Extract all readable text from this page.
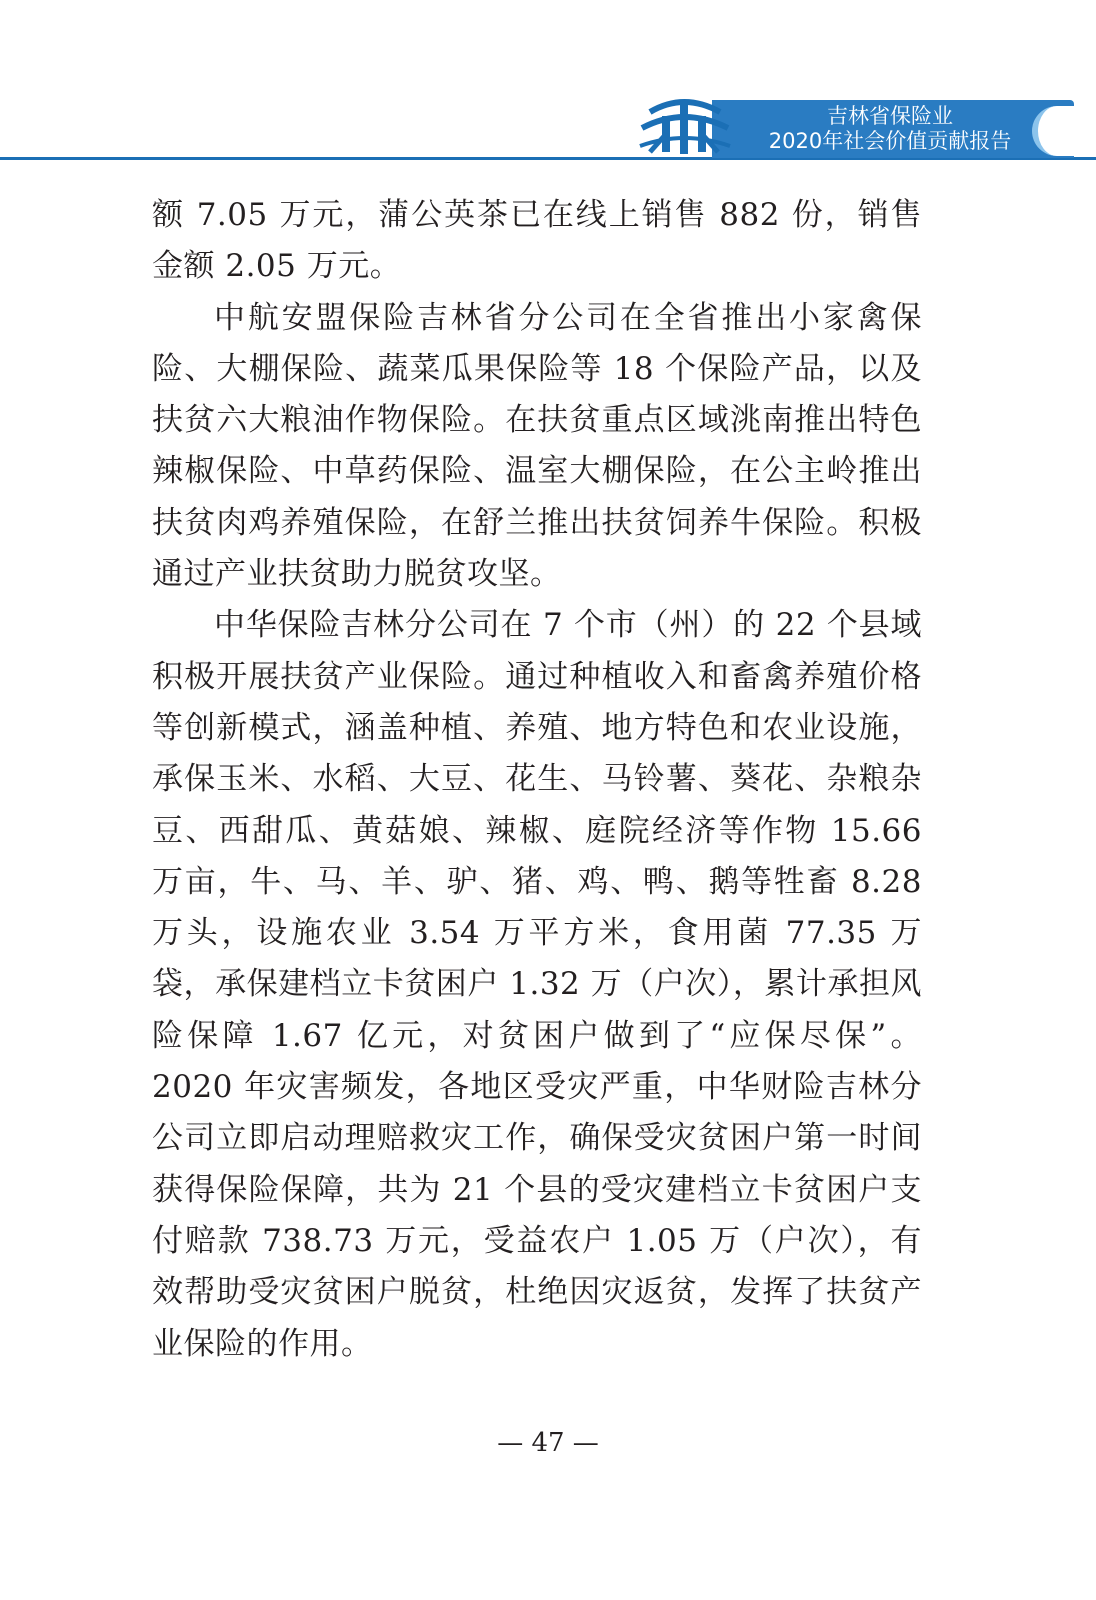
吉林省保险业
2020年社会价值贡献报告

额 7.05 万元，蒲公英茶已在线上销售 882 份，销售金额 2.05 万元。

中航安盟保险吉林省分公司在全省推出小家禽保险、大棚保险、蔬菜瓜果保险等 18 个保险产品，以及扶贫六大粮油作物保险。在扶贫重点区域洮南推出特色辣椒保险、中草药保险、温室大棚保险，在公主岭推出扶贫肉鸡养殖保险，在舒兰推出扶贫饲养牛保险。积极通过产业扶贫助力脱贫攻坚。

中华保险吉林分公司在 7 个市（州）的 22 个县域积极开展扶贫产业保险。通过种植收入和畜禽养殖价格等创新模式，涵盖种植、养殖、地方特色和农业设施，承保玉米、水稻、大豆、花生、马铃薯、葵花、杂粮杂豆、西甜瓜、黄菇娘、辣椒、庭院经济等作物 15.66 万亩，牛、马、羊、驴、猪、鸡、鸭、鹅等牲畜 8.28 万头，设施农业 3.54 万平方米，食用菌 77.35 万袋，承保建档立卡贫困户 1.32 万（户次），累计承担风险保障 1.67 亿元，对贫困户做到了“应保尽保”。2020 年灾害频发，各地区受灾严重，中华财险吉林分公司立即启动理赔救灾工作，确保受灾贫困户第一时间获得保险保障，共为 21 个县的受灾建档立卡贫困户支付赔款 738.73 万元，受益农户 1.05 万（户次），有效帮助受灾贫困户脱贫，杜绝因灾返贫，发挥了扶贫产业保险的作用。

— 47 —
